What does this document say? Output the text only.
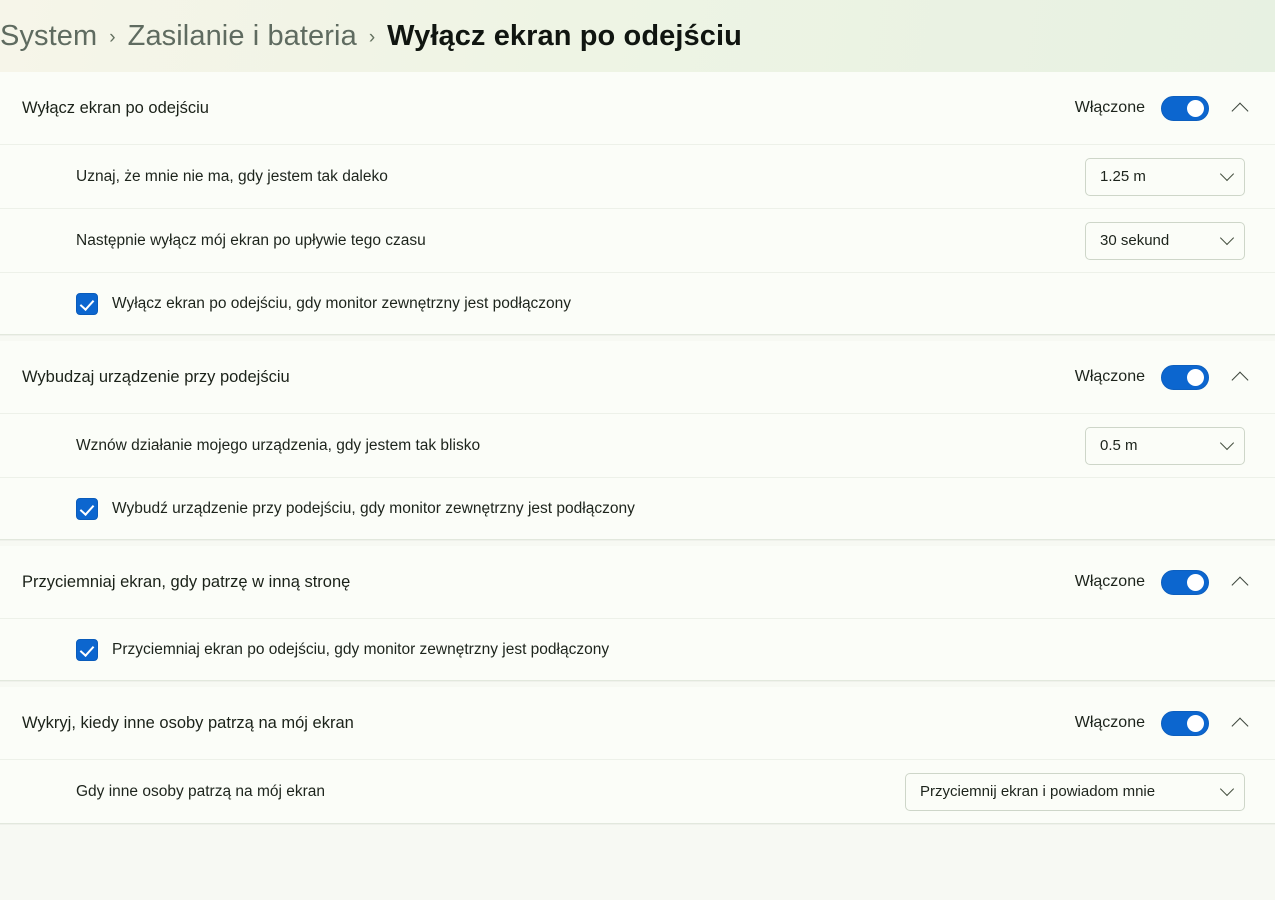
System › Zasilanie i bateria › Wyłącz ekran po odejściu
Wyłącz ekran po odejściu	Włączone
Uznaj, że mnie nie ma, gdy jestem tak daleko	1.25 m
Następnie wyłącz mój ekran po upływie tego czasu	30 sekund
Wyłącz ekran po odejściu, gdy monitor zewnętrzny jest podłączony
Wybudzaj urządzenie przy podejściu	Włączone
Wznów działanie mojego urządzenia, gdy jestem tak blisko	0.5 m
Wybudź urządzenie przy podejściu, gdy monitor zewnętrzny jest podłączony
Przyciemniaj ekran, gdy patrzę w inną stronę	Włączone
Przyciemniaj ekran po odejściu, gdy monitor zewnętrzny jest podłączony
Wykryj, kiedy inne osoby patrzą na mój ekran	Włączone
Gdy inne osoby patrzą na mój ekran	Przyciemnij ekran i powiadom mnie
